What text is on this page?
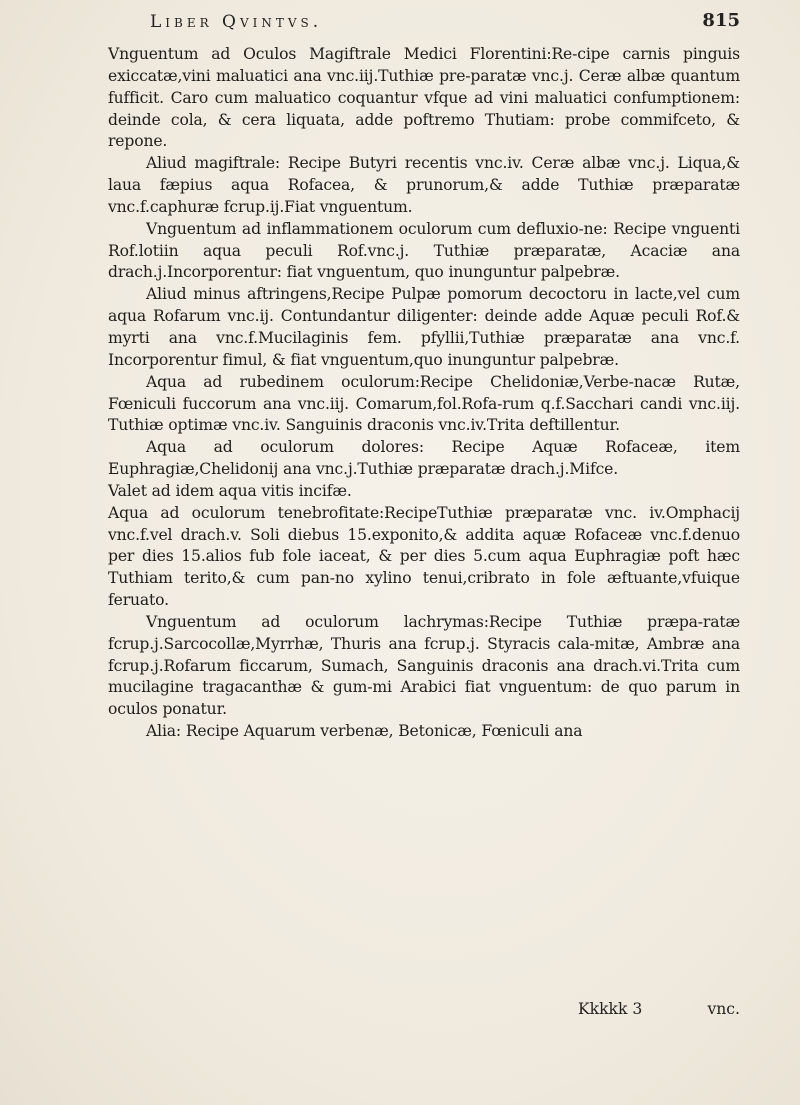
Liber Qvintvs.	815

Vnguentum ad Oculos Magiftrale Medici Florentini:Re-cipe carnis pinguis exiccatæ,vini maluatici ana vnc.iij.Tuthiæ pre-paratæ vnc.j. Ceræ albæ quantum fufficit. Caro cum maluatico coquantur vfque ad vini maluatici confumptionem: deinde cola, & cera liquata, adde poftremo Thutiam: probe commifceto, & repone.

Aliud magiftrale: Recipe Butyri recentis vnc.iv. Ceræ albæ vnc.j. Liqua,& laua fæpius aqua Rofacea, & prunorum,& adde Tuthiæ præparatæ vnc.f.caphuræ fcrup.ij.Fiat vnguentum.

Vnguentum ad inflammationem oculorum cum defluxio-ne: Recipe vnguenti Rof.lotiin aqua peculi Rof.vnc.j. Tuthiæ præparatæ, Acaciæ ana drach.j.Incorporentur: fiat vnguentum, quo inunguntur palpebræ.

Aliud minus aftringens,Recipe Pulpæ pomorum decoctoru in lacte,vel cum aqua Rofarum vnc.ij. Contundantur diligenter: deinde adde Aquæ peculi Rof.& myrti ana vnc.f.Mucilaginis fem. pfyllii,Tuthiæ præparatæ ana vnc.f. Incorporentur fimul, & fiat vnguentum,quo inunguntur palpebræ.

Aqua ad rubedinem oculorum:Recipe Chelidoniæ,Verbe-nacæ Rutæ, Fœniculi fuccorum ana vnc.iij. Comarum,fol.Rofa-rum q.f.Sacchari candi vnc.iij. Tuthiæ optimæ vnc.iv. Sanguinis draconis vnc.iv.Trita deftillentur.

Aqua ad oculorum dolores: Recipe Aquæ Rofaceæ, item Euphragiæ,Chelidonij ana vnc.j.Tuthiæ præparatæ drach.j.Mifce.

Valet ad idem aqua vitis incifæ.

Aqua ad oculorum tenebrofitate:RecipeTuthiæ præparatæ vnc. iv.Omphacij vnc.f.vel drach.v. Soli diebus 15.exponito,& addita aquæ Rofaceæ vnc.f.denuo per dies 15.alios fub fole iaceat, & per dies 5.cum aqua Euphragiæ poft hæc Tuthiam terito,& cum pan-no xylino tenui,cribrato in fole æftuante,vfuique feruato.

Vnguentum ad oculorum lachrymas:Recipe Tuthiæ præpa-ratæ fcrup.j.Sarcocollæ,Myrrhæ, Thuris ana fcrup.j. Styracis cala-mitæ, Ambræ ana fcrup.j.Rofarum ficcarum, Sumach, Sanguinis draconis ana drach.vi.Trita cum mucilagine tragacanthæ & gum-mi Arabici fiat vnguentum: de quo parum in oculos ponatur.

Alia: Recipe Aquarum verbenæ, Betonicæ, Fœniculi ana

Kkkkk 3	vnc.
